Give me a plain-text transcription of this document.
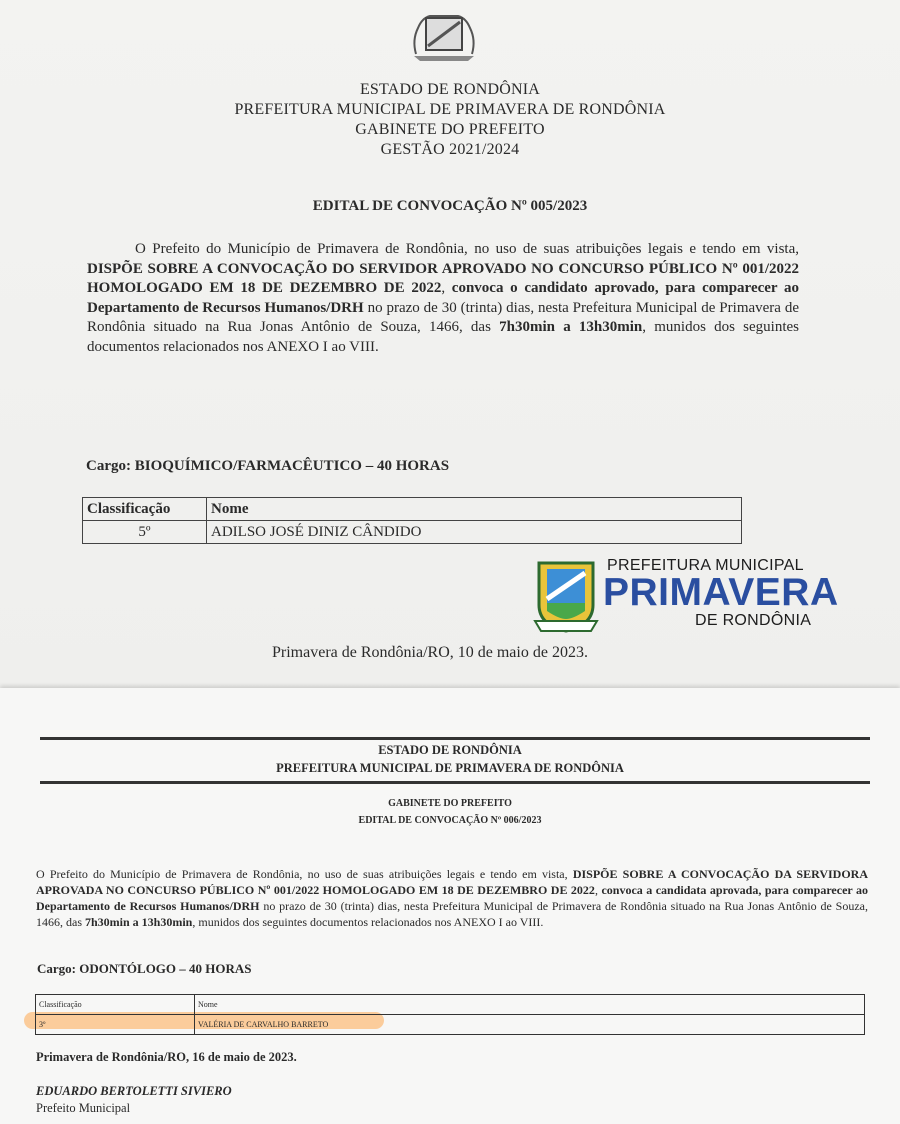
ESTADO DE RONDÔNIA
PREFEITURA MUNICIPAL DE PRIMAVERA DE RONDÔNIA
GABINETE DO PREFEITO
GESTÃO 2021/2024
EDITAL DE CONVOCAÇÃO Nº 005/2023
O Prefeito do Município de Primavera de Rondônia, no uso de suas atribuições legais e tendo em vista, DISPÕE SOBRE A CONVOCAÇÃO DO SERVIDOR APROVADO NO CONCURSO PÚBLICO Nº 001/2022 HOMOLOGADO EM 18 DE DEZEMBRO DE 2022, convoca o candidato aprovado, para comparecer ao Departamento de Recursos Humanos/DRH no prazo de 30 (trinta) dias, nesta Prefeitura Municipal de Primavera de Rondônia situado na Rua Jonas Antônio de Souza, 1466, das 7h30min a 13h30min, munidos dos seguintes documentos relacionados nos ANEXO I ao VIII.
Cargo: BIOQUÍMICO/FARMACÊUTICO – 40 HORAS
Classificação	Nome
5º	ADILSO JOSÉ DINIZ CÂNDIDO
PREFEITURA MUNICIPAL
PRIMAVERA
DE RONDÔNIA
Primavera de Rondônia/RO, 10 de maio de 2023.
ESTADO DE RONDÔNIA
PREFEITURA MUNICIPAL DE PRIMAVERA DE RONDÔNIA
GABINETE DO PREFEITO
EDITAL DE CONVOCAÇÃO Nº 006/2023
O Prefeito do Município de Primavera de Rondônia, no uso de suas atribuições legais e tendo em vista, DISPÕE SOBRE A CONVOCAÇÃO DA SERVIDORA APROVADA NO CONCURSO PÚBLICO Nº 001/2022 HOMOLOGADO EM 18 DE DEZEMBRO DE 2022, convoca a candidata aprovada, para comparecer ao Departamento de Recursos Humanos/DRH no prazo de 30 (trinta) dias, nesta Prefeitura Municipal de Primavera de Rondônia situado na Rua Jonas Antônio de Souza, 1466, das 7h30min a 13h30min, munidos dos seguintes documentos relacionados nos ANEXO I ao VIII.
Cargo: ODONTÓLOGO – 40 HORAS
Classificação	Nome
3º	VALÉRIA DE CARVALHO BARRETO
Primavera de Rondônia/RO, 16 de maio de 2023.
EDUARDO BERTOLETTI SIVIERO
Prefeito Municipal
